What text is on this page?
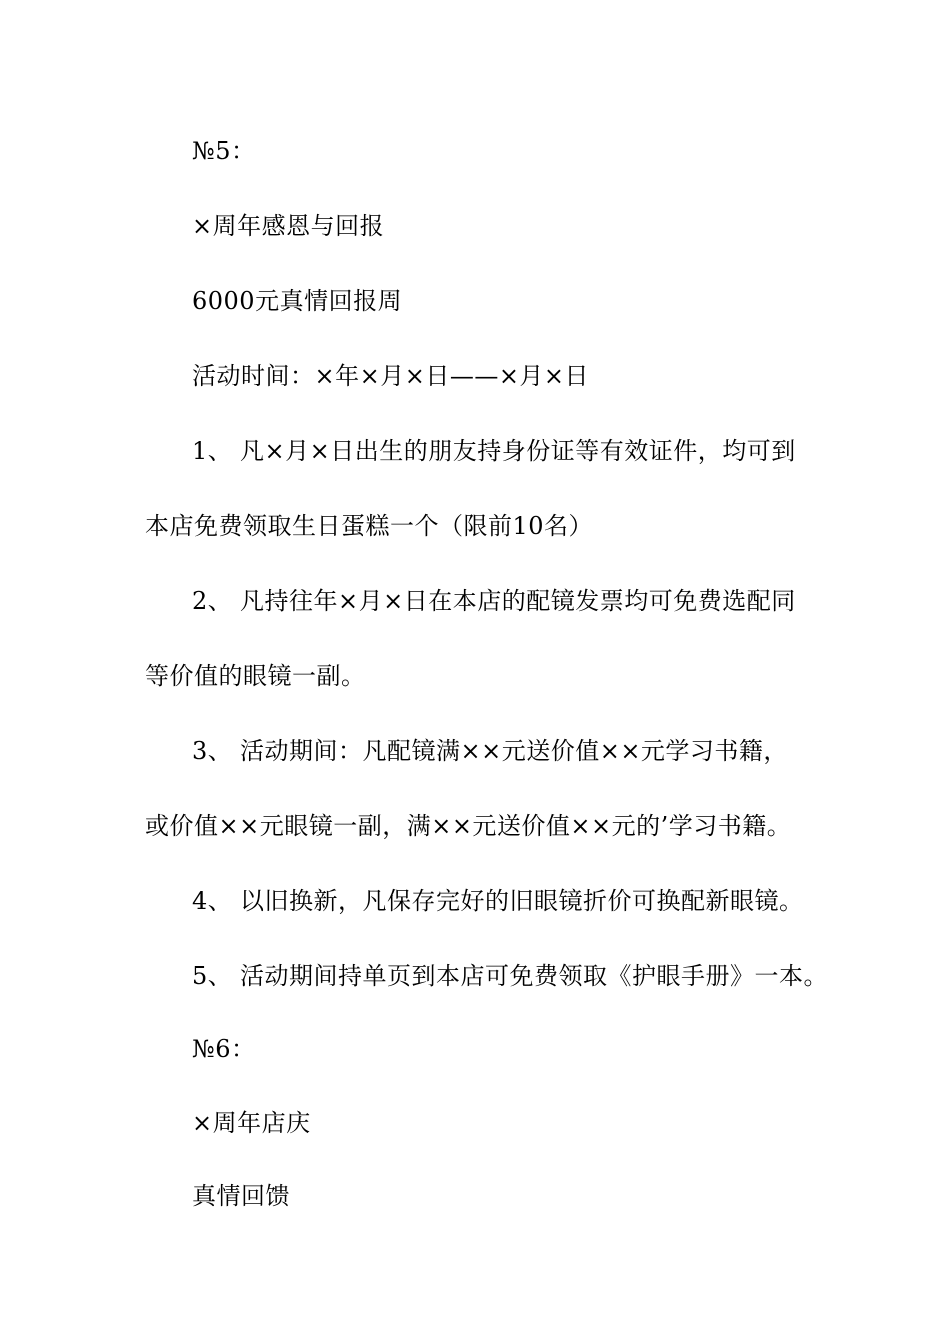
№5：
×周年感恩与回报
6000元真情回报周
活动时间：×年×月×日——×月×日
1、 凡×月×日出生的朋友持身份证等有效证件，均可到
本店免费领取生日蛋糕一个（限前10名）
2、 凡持往年×月×日在本店的配镜发票均可免费选配同
等价值的眼镜一副。
3、 活动期间：凡配镜满××元送价值××元学习书籍，
或价值××元眼镜一副，满××元送价值××元的’学习书籍。
4、 以旧换新，凡保存完好的旧眼镜折价可换配新眼镜。
5、 活动期间持单页到本店可免费领取《护眼手册》一本。
№6：
×周年店庆
真情回馈
